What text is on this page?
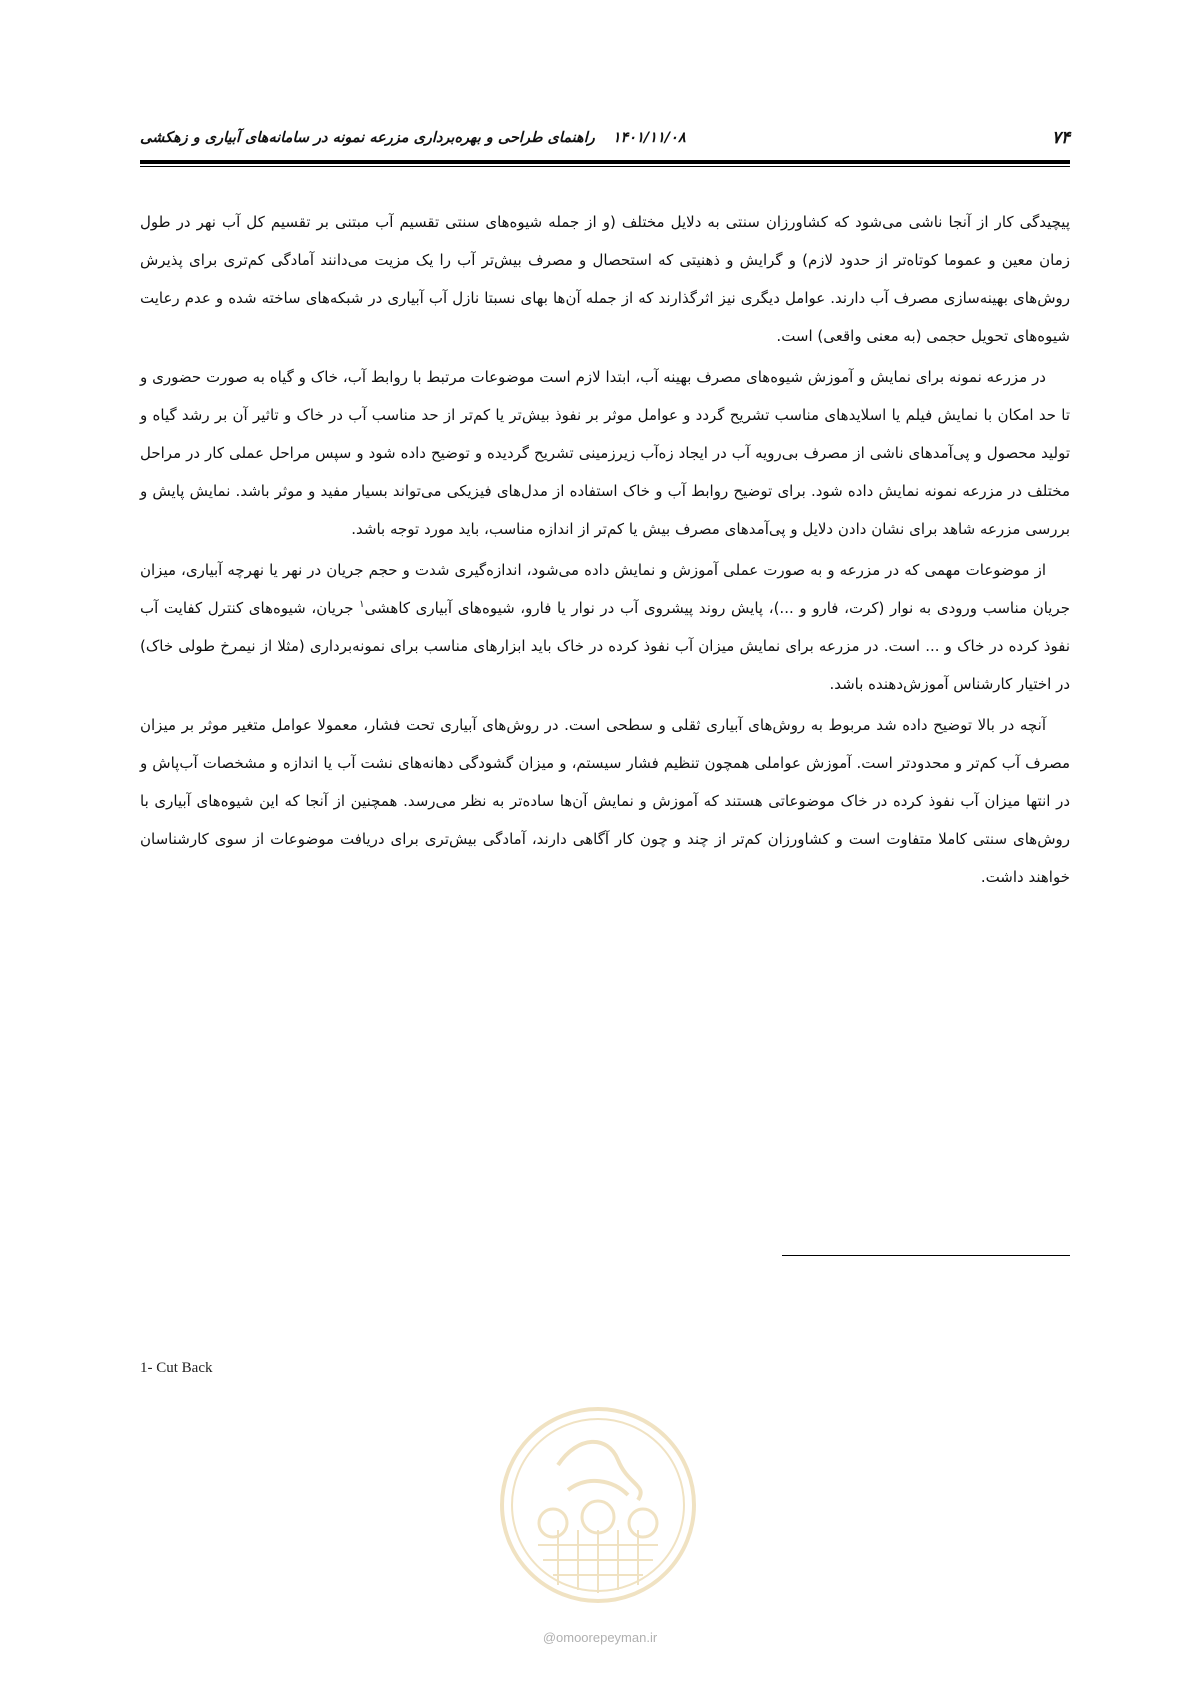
۷۴
۱۴۰۱/۱۱/۰۸راهنمای طراحی و بهره‌برداری مزرعه نمونه در سامانه‌های آبیاری و زهکشی

پیچیدگی کار از آنجا ناشی می‌شود که کشاورزان سنتی به دلایل مختلف (و از جمله شیوه‌های سنتی تقسیم آب مبتنی بر تقسیم کل آب نهر در طول زمان معین و عموما کوتاه‌تر از حدود لازم) و گرایش و ذهنیتی که استحصال و مصرف بیش‌تر آب را یک مزیت می‌دانند آمادگی کم‌تری برای پذیرش روش‌های بهینه‌سازی مصرف آب دارند. عوامل دیگری نیز اثرگذارند که از جمله آن‌ها بهای نسبتا نازل آب آبیاری در شبکه‌های ساخته شده و عدم رعایت شیوه‌های تحویل حجمی (به معنی واقعی) است.

در مزرعه نمونه برای نمایش و آموزش شیوه‌های مصرف بهینه آب، ابتدا لازم است موضوعات مرتبط با روابط آب، خاک و گیاه به صورت حضوری و تا حد امکان با نمایش فیلم یا اسلایدهای مناسب تشریح گردد و عوامل موثر بر نفوذ بیش‌تر یا کم‌تر از حد مناسب آب در خاک و تاثیر آن بر رشد گیاه و تولید محصول و پی‌آمدهای ناشی از مصرف بی‌رویه آب در ایجاد زه‌آب زیرزمینی تشریح گردیده و توضیح داده شود و سپس مراحل عملی کار در مراحل مختلف در مزرعه نمونه نمایش داده شود. برای توضیح روابط آب و خاک استفاده از مدل‌های فیزیکی می‌تواند بسیار مفید و موثر باشد. نمایش پایش و بررسی مزرعه شاهد برای نشان دادن دلایل و پی‌آمدهای مصرف بیش یا کم‌تر از اندازه مناسب، باید مورد توجه باشد.

از موضوعات مهمی که در مزرعه و به صورت عملی آموزش و نمایش داده می‌شود، اندازه‌گیری شدت و حجم جریان در نهر یا نهرچه آبیاری، میزان جریان مناسب ورودی به نوار (کرت، فارو و ...)، پایش روند پیشروی آب در نوار یا فارو، شیوه‌های آبیاری کاهشی$^۱$ جریان، شیوه‌های کنترل کفایت آب نفوذ کرده در خاک و ... است. در مزرعه برای نمایش میزان آب نفوذ کرده در خاک باید ابزارهای مناسب برای نمونه‌برداری (مثلا از نیمرخ طولی خاک) در اختیار کارشناس آموزش‌دهنده باشد.

آنچه در بالا توضیح داده شد مربوط به روش‌های آبیاری ثقلی و سطحی است. در روش‌های آبیاری تحت فشار، معمولا عوامل متغیر موثر بر میزان مصرف آب کم‌تر و محدودتر است. آموزش عواملی همچون تنظیم فشار سیستم، و میزان گشودگی دهانه‌های نشت آب یا اندازه و مشخصات آب‌پاش و در انتها میزان آب نفوذ کرده در خاک موضوعاتی هستند که آموزش و نمایش آن‌ها ساده‌تر به نظر می‌رسد. همچنین از آنجا که این شیوه‌های آبیاری با روش‌های سنتی کاملا متفاوت است و کشاورزان کم‌تر از چند و چون کار آگاهی دارند، آمادگی بیش‌تری برای دریافت موضوعات از سوی کارشناسان خواهند داشت.

1- Cut Back
@omoorepeyman.ir
